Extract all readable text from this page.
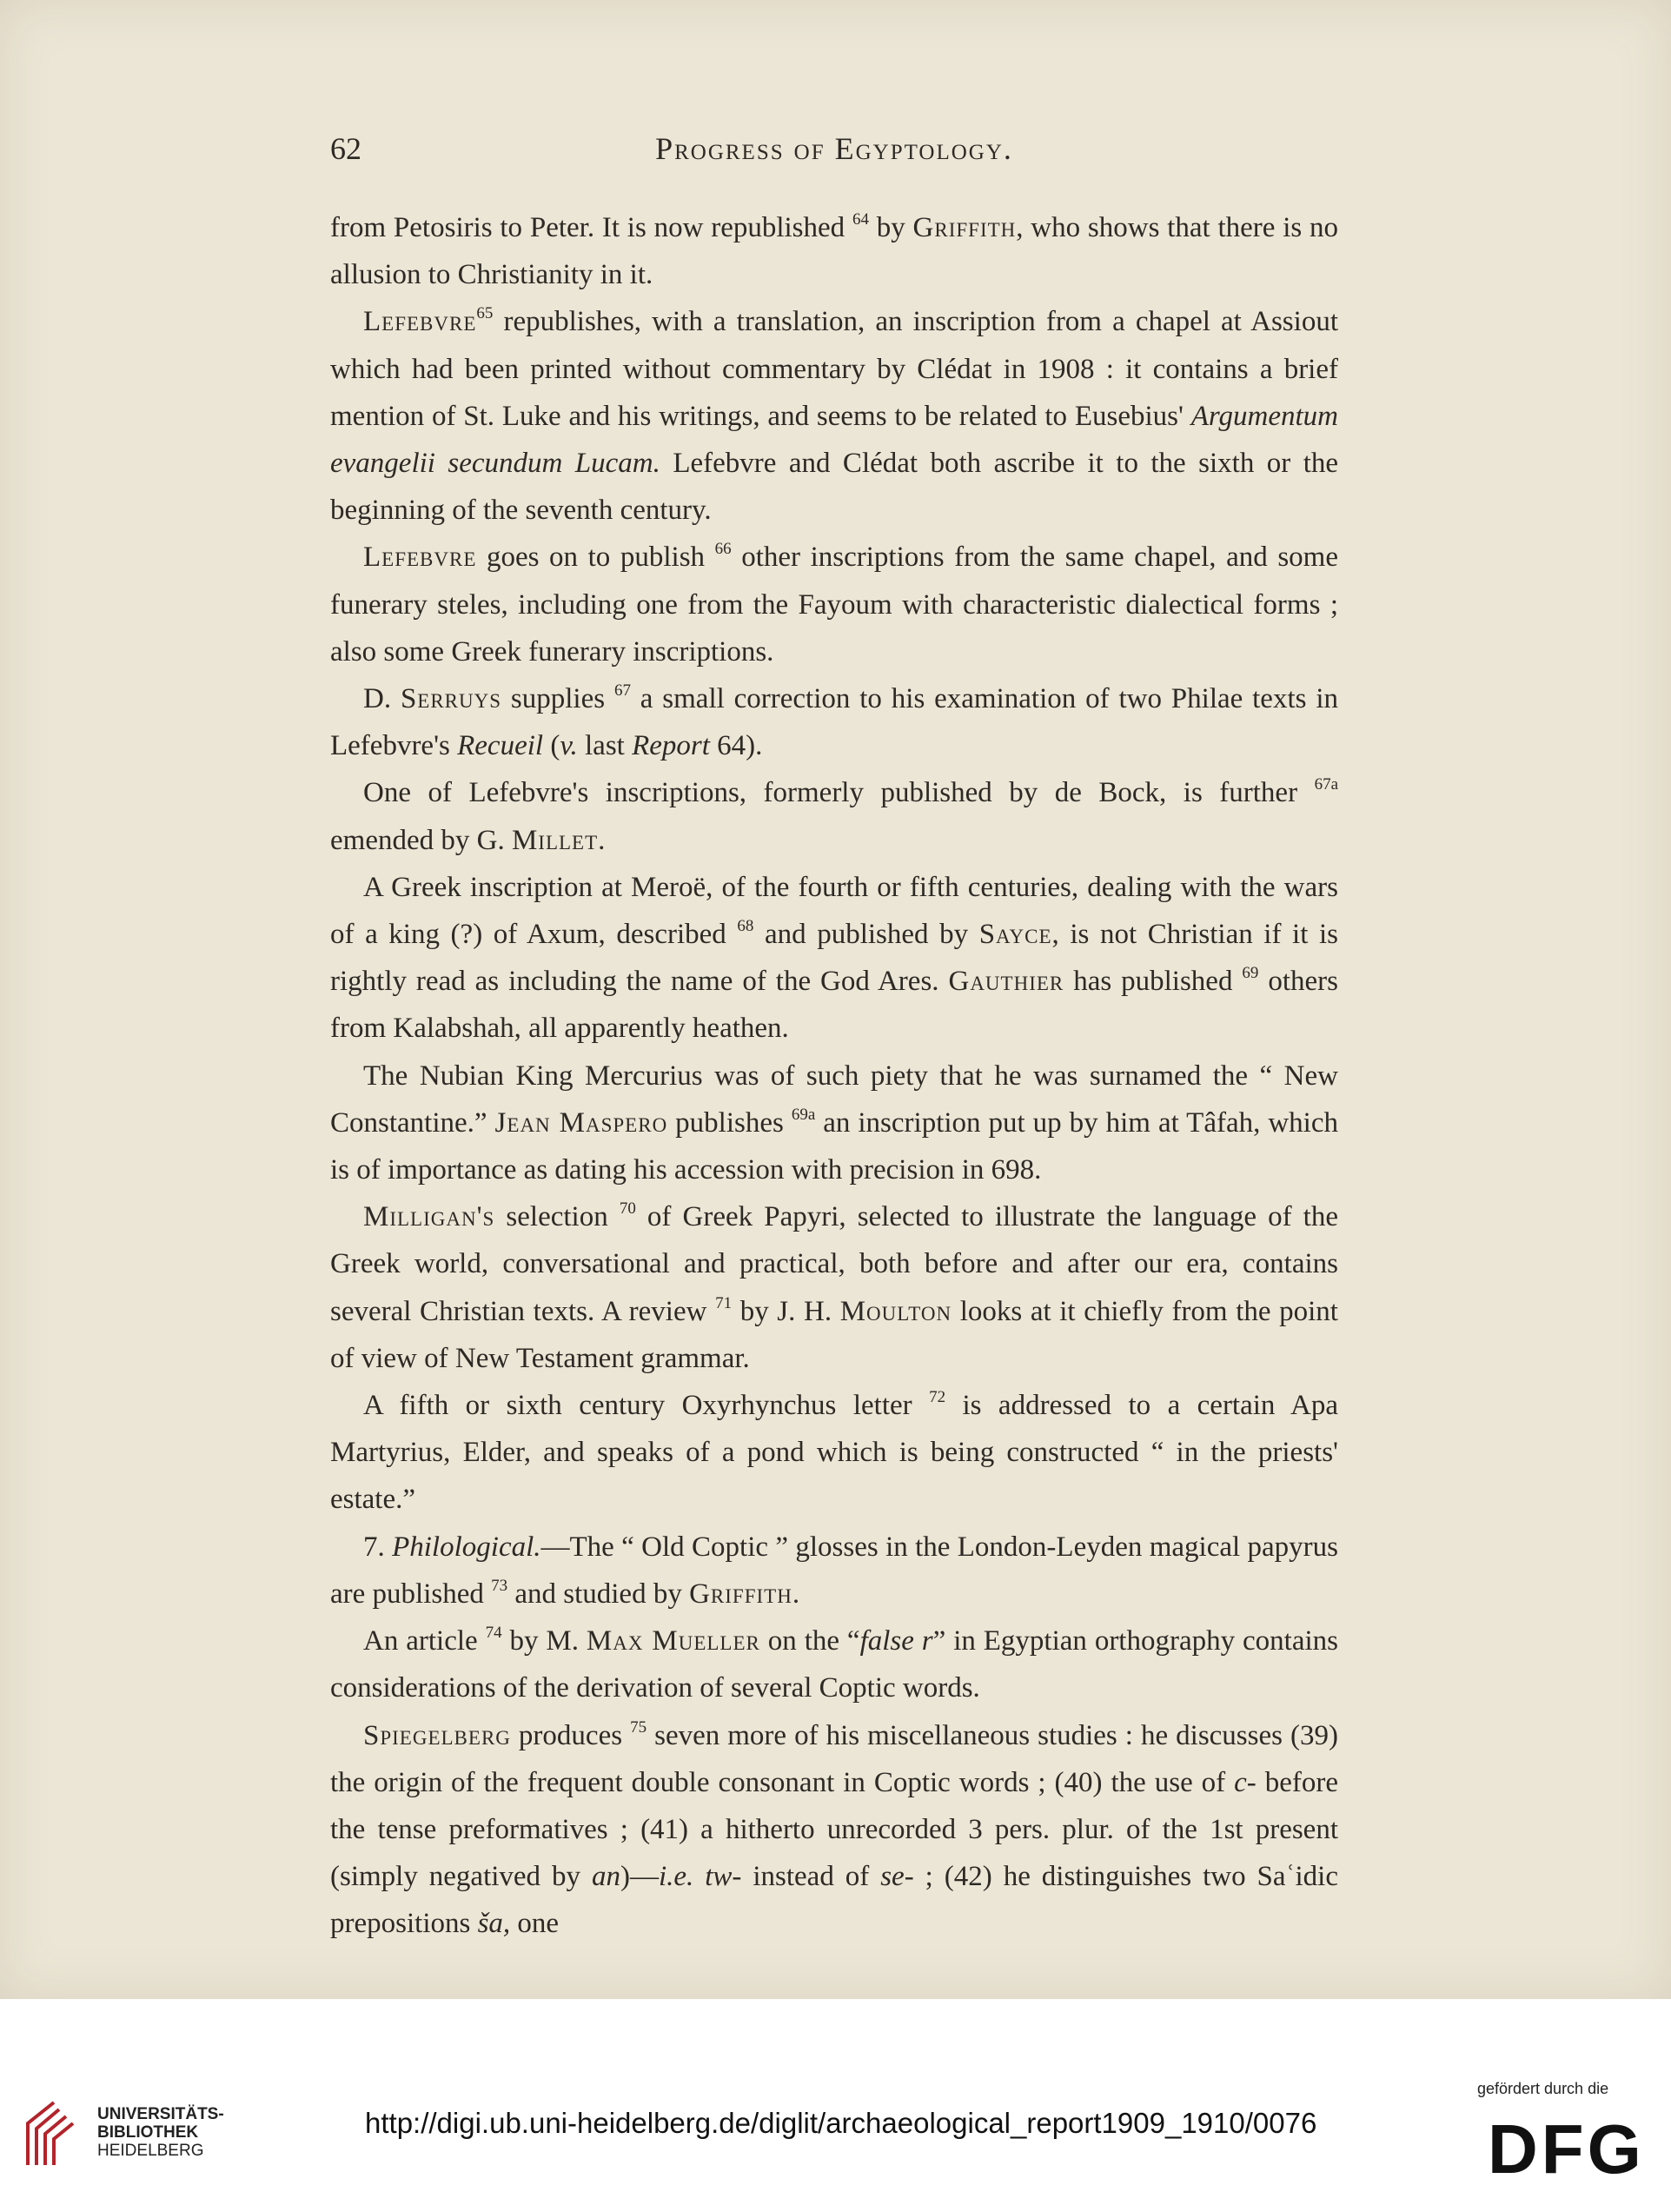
62	Progress of Egyptology.

from Petosiris to Peter. It is now republished $^{64}$ by Griffith, who shows that there is no allusion to Christianity in it.

Lefebvre$^{65}$ republishes, with a translation, an inscription from a chapel at Assiout which had been printed without commentary by Clédat in 1908 : it contains a brief mention of St. Luke and his writings, and seems to be related to Eusebius' Argumentum evangelii secundum Lucam. Lefebvre and Clédat both ascribe it to the sixth or the beginning of the seventh century.

Lefebvre goes on to publish $^{66}$ other inscriptions from the same chapel, and some funerary steles, including one from the Fayoum with characteristic dialectical forms ; also some Greek funerary inscriptions.

D. Serruys supplies $^{67}$ a small correction to his examination of two Philae texts in Lefebvre's Recueil (v. last Report 64).

One of Lefebvre's inscriptions, formerly published by de Bock, is further $^{67a}$ emended by G. Millet.

A Greek inscription at Meroë, of the fourth or fifth centuries, dealing with the wars of a king (?) of Axum, described $^{68}$ and published by Sayce, is not Christian if it is rightly read as including the name of the God Ares. Gauthier has published $^{69}$ others from Kalabshah, all apparently heathen.

The Nubian King Mercurius was of such piety that he was surnamed the “ New Constantine.” Jean Maspero publishes $^{69a}$ an inscription put up by him at Tâfah, which is of importance as dating his accession with precision in 698.

Milligan's selection $^{70}$ of Greek Papyri, selected to illustrate the language of the Greek world, conversational and practical, both before and after our era, contains several Christian texts. A review $^{71}$ by J. H. Moulton looks at it chiefly from the point of view of New Testament grammar.

A fifth or sixth century Oxyrhynchus letter $^{72}$ is addressed to a certain Apa Martyrius, Elder, and speaks of a pond which is being constructed “ in the priests' estate.”

7. Philological.—The “ Old Coptic ” glosses in the London-Leyden magical papyrus are published $^{73}$ and studied by Griffith.

An article $^{74}$ by M. Max Mueller on the “false r” in Egyptian orthography contains considerations of the derivation of several Coptic words.

Spiegelberg produces $^{75}$ seven more of his miscellaneous studies : he discusses (39) the origin of the frequent double consonant in Coptic words ; (40) the use of c- before the tense preformatives ; (41) a hitherto unrecorded 3 pers. plur. of the 1st present (simply negatived by an)—i.e. tw- instead of se- ; (42) he distinguishes two Saʿidic prepositions ša, one

UNIVERSITÄTS-
BIBLIOTHEK
HEIDELBERG
http://digi.ub.uni-heidelberg.de/diglit/archaeological_report1909_1910/0076
gefördert durch die
DFG
